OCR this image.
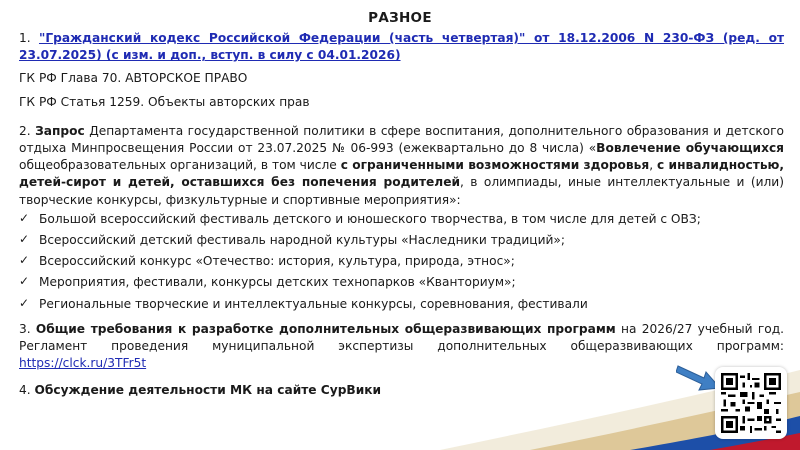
РАЗНОЕ

1. "Гражданский кодекс Российской Федерации (часть четвертая)" от 18.12.2006 N 230-ФЗ (ред. от 23.07.2025) (с изм. и доп., вступ. в силу с 04.01.2026)

ГК РФ Глава 70. АВТОРСКОЕ ПРАВО

ГК РФ Статья 1259. Объекты авторских прав

2. Запрос Департамента государственной политики в сфере воспитания, дополнительного образования и детского отдыха Минпросвещения России от 23.07.2025 № 06-993 (ежеквартально до 8 числа) «Вовлечение обучающихся общеобразовательных организаций, в том числе с ограниченными возможностями здоровья, с инвалидностью, детей-сирот и детей, оставшихся без попечения родителей, в олимпиады, иные интеллектуальные и (или) творческие конкурсы, физкультурные и спортивные мероприятия»:

✓ Большой всероссийский фестиваль детского и юношеского творчества, в том числе для детей с ОВЗ;
✓ Всероссийский детский фестиваль народной культуры «Наследники традиций»;
✓ Всероссийский конкурс «Отечество: история, культура, природа, этнос»;
✓ Мероприятия, фестивали, конкурсы детских технопарков «Кванториум»;
✓ Региональные творческие и интеллектуальные конкурсы, соревнования, фестивали

3. Общие требования к разработке дополнительных общеразвивающих программ на 2026/27 учебный год. Регламент проведения муниципальной экспертизы дополнительных общеразвивающих программ: https://clck.ru/3TFr5t

4. Обсуждение деятельности МК на сайте СурВики
